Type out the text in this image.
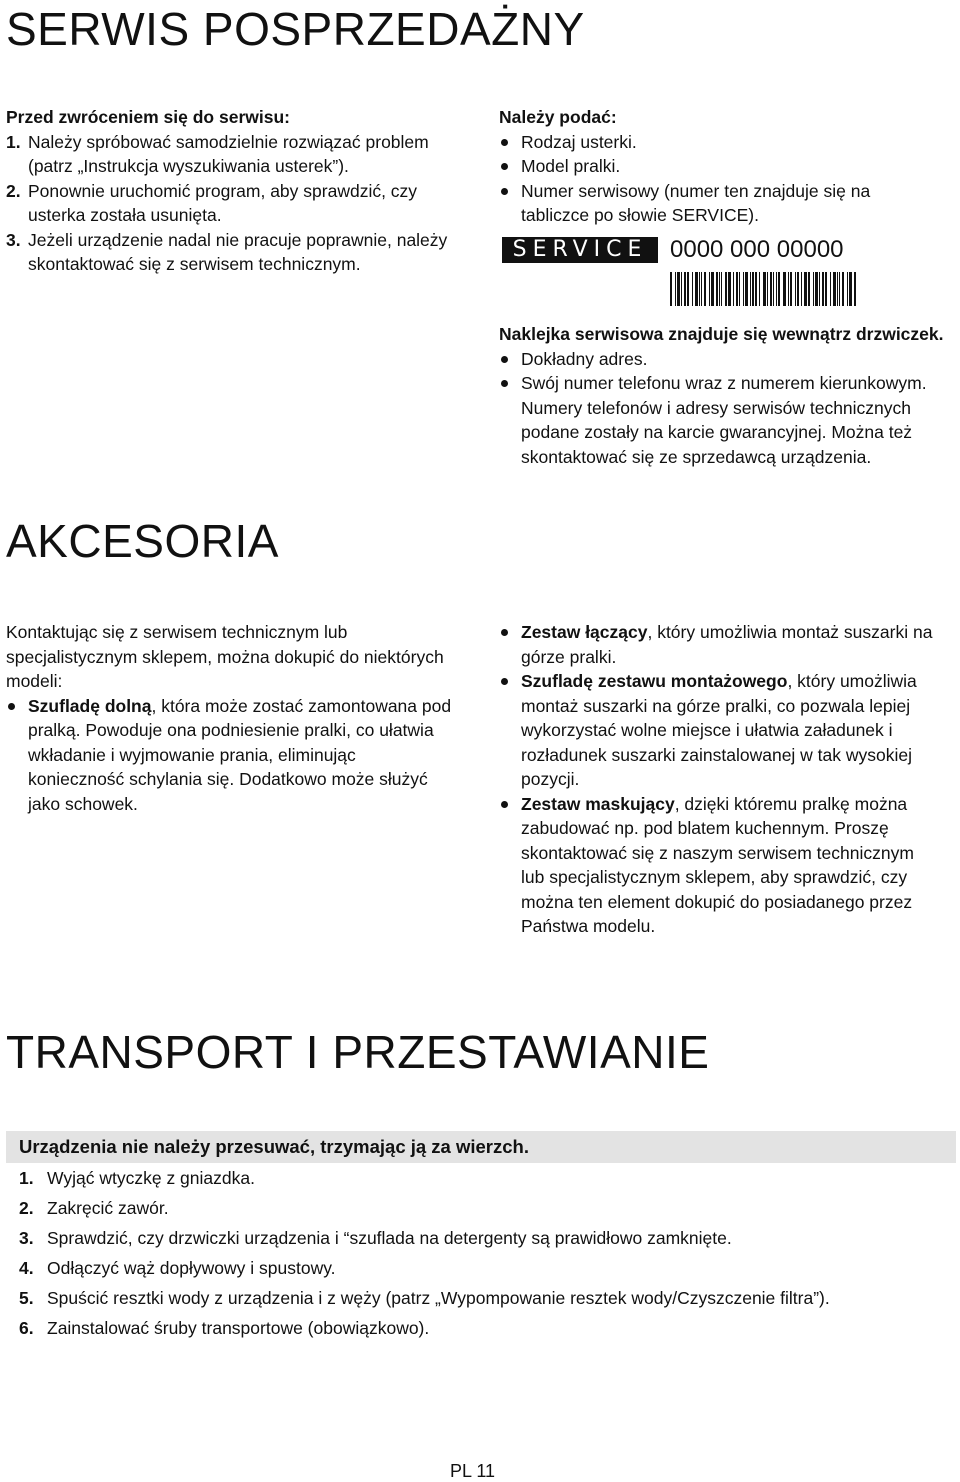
SERWIS POSPRZEDAŻNY
Przed zwróceniem się do serwisu:
1. Należy spróbować samodzielnie rozwiązać problem (patrz „Instrukcja wyszukiwania usterek”).
2. Ponownie uruchomić program, aby sprawdzić, czy usterka została usunięta.
3. Jeżeli urządzenie nadal nie pracuje poprawnie, należy skontaktować się z serwisem technicznym.
Należy podać:
Rodzaj usterki.
Model pralki.
Numer serwisowy (numer ten znajduje się na tabliczce po słowie SERVICE).
SERVICE 0000 000 00000
Naklejka serwisowa znajduje się wewnątrz drzwiczek.
Dokładny adres.
Swój numer telefonu wraz z numerem kierunkowym.
Numery telefonów i adresy serwisów technicznych podane zostały na karcie gwarancyjnej. Można też skontaktować się ze sprzedawcą urządzenia.
AKCESORIA
Kontaktując się z serwisem technicznym lub specjalistycznym sklepem, można dokupić do niektórych modeli:
Szufladę dolną, która może zostać zamontowana pod pralką. Powoduje ona podniesienie pralki, co ułatwia wkładanie i wyjmowanie prania, eliminując konieczność schylania się. Dodatkowo może służyć jako schowek.
Zestaw łączący, który umożliwia montaż suszarki na górze pralki.
Szufladę zestawu montażowego, który umożliwia montaż suszarki na górze pralki, co pozwala lepiej wykorzystać wolne miejsce i ułatwia załadunek i rozładunek suszarki zainstalowanej w tak wysokiej pozycji.
Zestaw maskujący, dzięki któremu pralkę można zabudować np. pod blatem kuchennym. Proszę skontaktować się z naszym serwisem technicznym lub specjalistycznym sklepem, aby sprawdzić, czy można ten element dokupić do posiadanego przez Państwa modelu.
TRANSPORT I PRZESTAWIANIE
Urządzenia nie należy przesuwać, trzymając ją za wierzch.
1. Wyjąć wtyczkę z gniazdka.
2. Zakręcić zawór.
3. Sprawdzić, czy drzwiczki urządzenia i “szuflada na detergenty są prawidłowo zamknięte.
4. Odłączyć wąż dopływowy i spustowy.
5. Spuścić resztki wody z urządzenia i z węży (patrz „Wypompowanie resztek wody/Czyszczenie filtra”).
6. Zainstalować śruby transportowe (obowiązkowo).
PL 11
